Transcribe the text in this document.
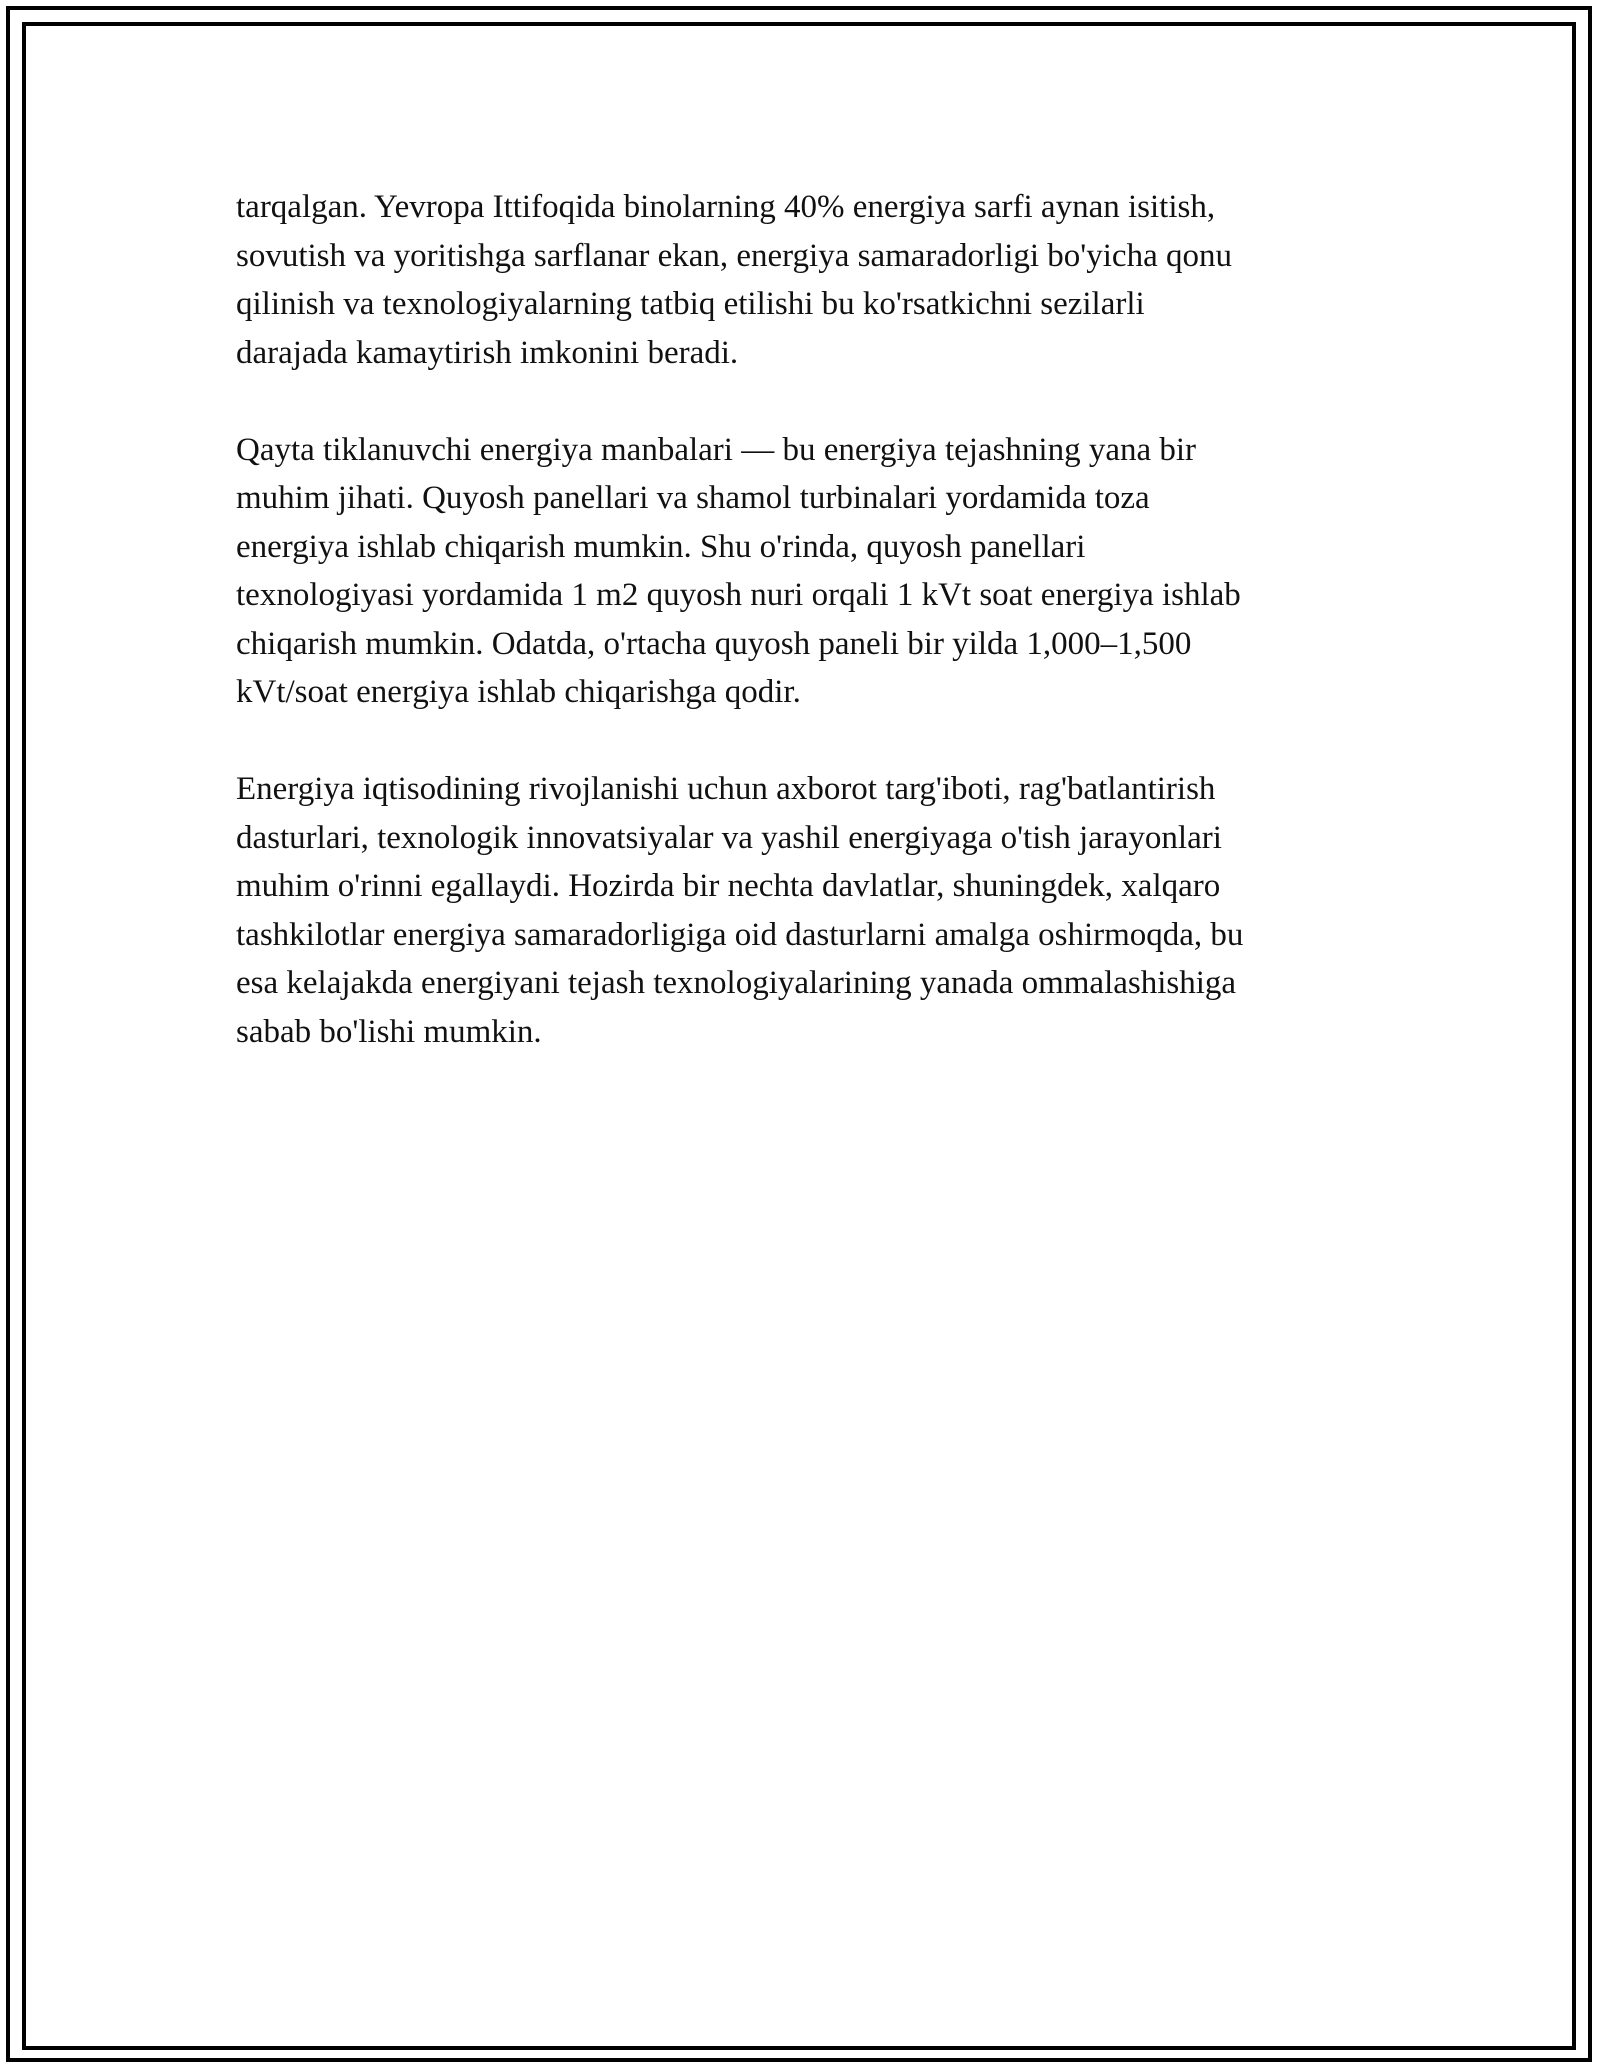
tarqalgan. Yevropa Ittifoqida binolarning 40% energiya sarfi aynan isitish,
sovutish va yoritishga sarflanar ekan, energiya samaradorligi bo'yicha qonu
qilinish va texnologiyalarning tatbiq etilishi bu ko'rsatkichni sezilarli
darajada kamaytirish imkonini beradi.

Qayta tiklanuvchi energiya manbalari — bu energiya tejashning yana bir
muhim jihati. Quyosh panellari va shamol turbinalari yordamida toza
energiya ishlab chiqarish mumkin. Shu o'rinda, quyosh panellari
texnologiyasi yordamida 1 m2 quyosh nuri orqali 1 kVt soat energiya ishlab
chiqarish mumkin. Odatda, o'rtacha quyosh paneli bir yilda 1,000–1,500
kVt/soat energiya ishlab chiqarishga qodir.

Energiya iqtisodining rivojlanishi uchun axborot targ'iboti, rag'batlantirish
dasturlari, texnologik innovatsiyalar va yashil energiyaga o'tish jarayonlari
muhim o'rinni egallaydi. Hozirda bir nechta davlatlar, shuningdek, xalqaro
tashkilotlar energiya samaradorligiga oid dasturlarni amalga oshirmoqda, bu
esa kelajakda energiyani tejash texnologiyalarining yanada ommalashishiga
sabab bo'lishi mumkin.
